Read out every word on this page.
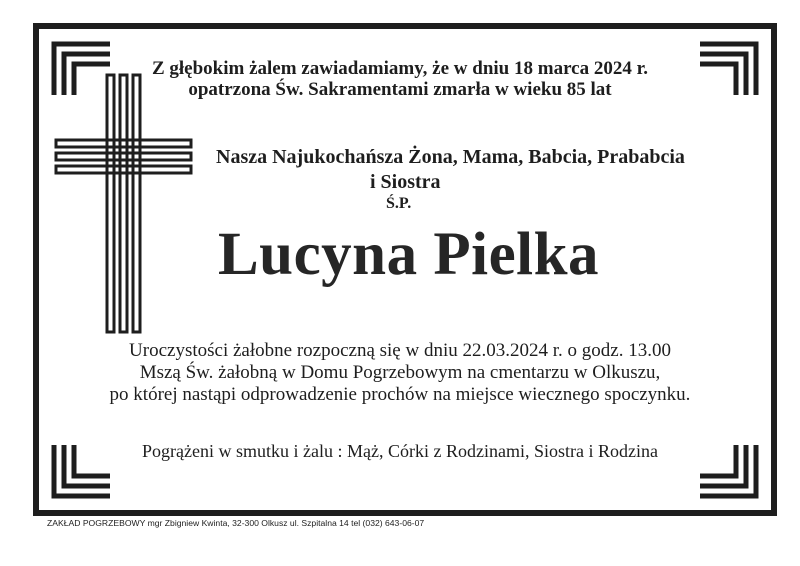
Z głębokim żalem zawiadamiamy, że w dniu 18 marca 2024 r.
opatrzona Św. Sakramentami zmarła w wieku 85 lat
Nasza Najukochańsza Żona, Mama, Babcia, Prababcia
i Siostra
Ś.P.
Lucyna Pielka
Uroczystości żałobne rozpoczną się w dniu 22.03.2024 r. o godz. 13.00
Mszą Św. żałobną w Domu Pogrzebowym na cmentarzu w Olkuszu,
po której nastąpi odprowadzenie prochów na miejsce wiecznego spoczynku.
Pogrążeni w smutku i żalu : Mąż, Córki z Rodzinami, Siostra i Rodzina
ZAKŁAD POGRZEBOWY mgr Zbigniew Kwinta, 32-300 Olkusz ul. Szpitalna 14 tel (032) 643-06-07
